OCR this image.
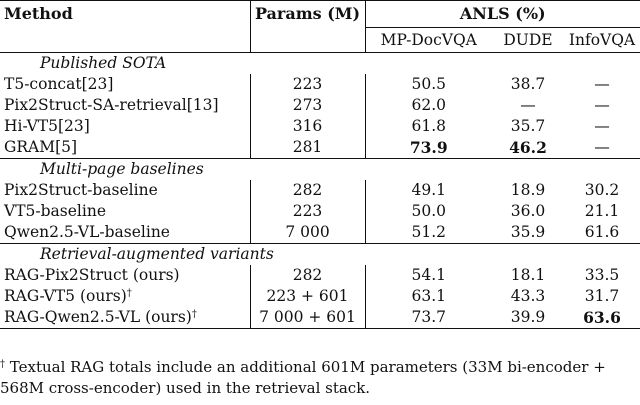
Method	Params (M)	ANLS (%)		
		MP-DocVQA	DUDE	InfoVQA
Published SOTA				
T5-concat[23]	223	50.5	38.7	—
Pix2Struct-SA-retrieval[13]	273	62.0	—	—
Hi-VT5[23]	316	61.8	35.7	—
GRAM[5]	281	73.9	46.2	—
Multi-page baselines				
Pix2Struct-baseline	282	49.1	18.9	30.2
VT5-baseline	223	50.0	36.0	21.1
Qwen2.5-VL-baseline	7 000	51.2	35.9	61.6
Retrieval-augmented variants				
RAG-Pix2Struct (ours)	282	54.1	18.1	33.5
RAG-VT5 (ours)†	223 + 601	63.1	43.3	31.7
RAG-Qwen2.5-VL (ours)†	7 000 + 601	73.7	39.9	63.6
† Textual RAG totals include an additional 601M parameters (33M bi-encoder + 568M cross-encoder) used in the retrieval stack.
